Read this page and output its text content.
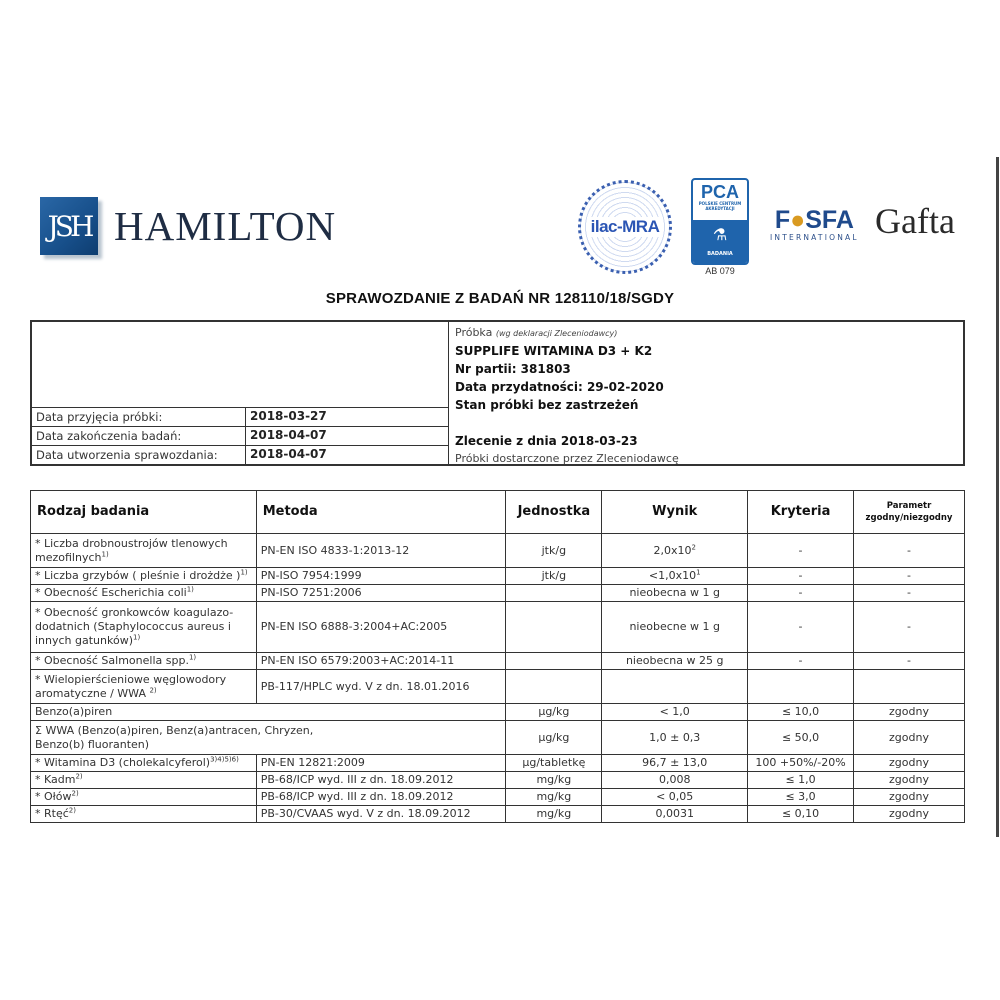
JSH HAMILTON	ilac-MRA
PCA
POLSKIE CENTRUM AKREDYTACJI
⚗
BADANIA
AB 079
F●SFA
INTERNATIONAL Gafta
SPRAWOZDANIE Z BADAŃ NR 128110/18/SGDY
Data przyjęcia próbki:	2018-03-27
Data zakończenia badań:	2018-04-07
Data utworzenia sprawozdania:	2018-04-07
Próbka (wg deklaracji Zleceniodawcy)
SUPPLIFE WITAMINA D3 + K2
Nr partii: 381803
Data przydatności: 29-02-2020
Stan próbki bez zastrzeżeń
Zlecenie z dnia 2018-03-23
Próbki dostarczone przez Zleceniodawcę
Rodzaj badania	Metoda	Jednostka	Wynik	Kryteria	Parametr
zgodny/niezgodny
* Liczba drobnoustrojów tlenowych mezofilnych$^{1)}$	PN-EN ISO 4833-1:2013-12	jtk/g	$2,0x10^2$	-	-
* Liczba grzybów ( pleśnie i drożdże )$^{1)}$	PN-ISO 7954:1999	jtk/g	$<1,0x10^1$	-	-
* Obecność Escherichia coli$^{1)}$	PN-ISO 7251:2006		nieobecna w 1 g	-	-
* Obecność gronkowców koagulazo-dodatnich (Staphylococcus aureus i innych gatunków)$^{1)}$	PN-EN ISO 6888-3:2004+AC:2005		nieobecne w 1 g	-	-
* Obecność Salmonella spp.$^{1)}$	PN-EN ISO 6579:2003+AC:2014-11		nieobecna w 25 g	-	-
* Wielopierścieniowe węglowodory aromatyczne / WWA $^{2)}$	PB-117/HPLC wyd. V z dn. 18.01.2016				
Benzo(a)piren		µg/kg	< 1,0	≤ 10,0	zgodny
Σ WWA (Benzo(a)piren, Benz(a)antracen, Chryzen, Benzo(b) fluoranten)		µg/kg	1,0 ± 0,3	≤ 50,0	zgodny
* Witamina D3 (cholekalcyferol)$^{3)4)5)6)}$	PN-EN 12821:2009	µg/tabletkę	96,7 ± 13,0	100 +50%/-20%	zgodny
* Kadm$^{2)}$	PB-68/ICP wyd. III z dn. 18.09.2012	mg/kg	0,008	≤ 1,0	zgodny
* Ołów$^{2)}$	PB-68/ICP wyd. III z dn. 18.09.2012	mg/kg	< 0,05	≤ 3,0	zgodny
* Rtęć$^{2)}$	PB-30/CVAAS wyd. V z dn. 18.09.2012	mg/kg	0,0031	≤ 0,10	zgodny
